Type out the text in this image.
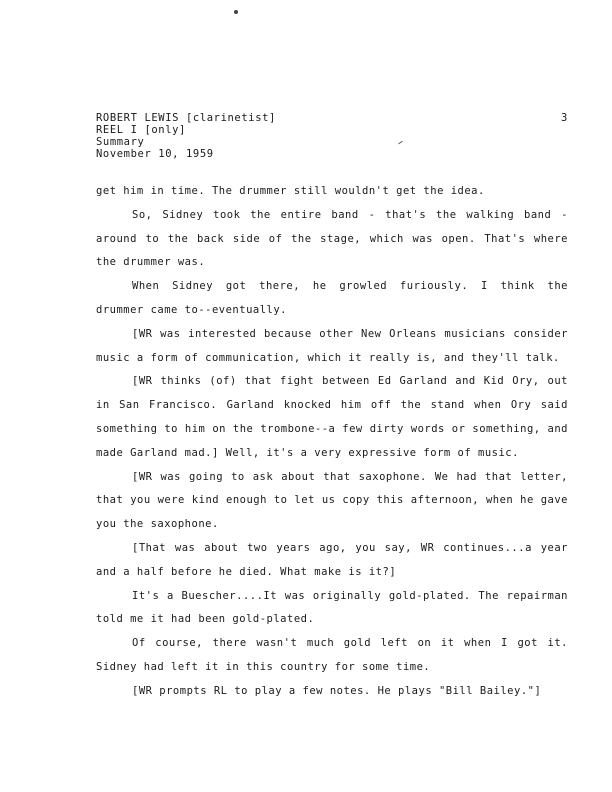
ROBERT LEWIS [clarinetist]
REEL I [only]
Summary
November 10, 1959
3

get him in time. The drummer still wouldn't get the idea.

So, Sidney took the entire band - that's the walking band - around to the back side of the stage, which was open. That's where the drummer was.

When Sidney got there, he growled furiously. I think the drummer came to--eventually.

[WR was interested because other New Orleans musicians consider music a form of communication, which it really is, and they'll talk.

[WR thinks (of) that fight between Ed Garland and Kid Ory, out in San Francisco. Garland knocked him off the stand when Ory said something to him on the trombone--a few dirty words or something, and made Garland mad.] Well, it's a very expressive form of music.

[WR was going to ask about that saxophone. We had that letter, that you were kind enough to let us copy this afternoon, when he gave you the saxophone.

[That was about two years ago, you say, WR continues...a year and a half before he died. What make is it?]

It's a Buescher....It was originally gold-plated. The repairman told me it had been gold-plated.

Of course, there wasn't much gold left on it when I got it. Sidney had left it in this country for some time.

[WR prompts RL to play a few notes. He plays "Bill Bailey."]
